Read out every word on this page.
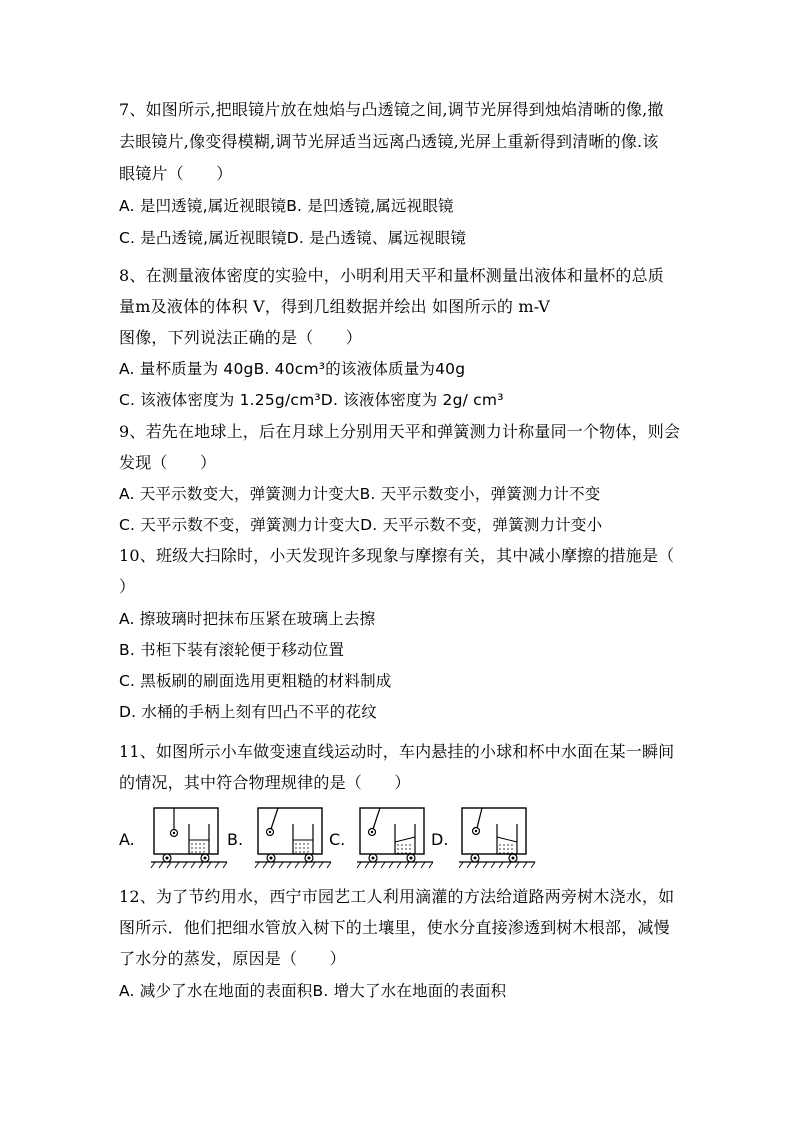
7、如图所示,把眼镜片放在烛焰与凸透镜之间,调节光屏得到烛焰清晰的像,撤
去眼镜片,像变得模糊,调节光屏适当远离凸透镜,光屏上重新得到清晰的像.该
眼镜片（　　）
A. 是凹透镜,属近视眼镜B. 是凹透镜,属远视眼镜
C. 是凸透镜,属近视眼镜D. 是凸透镜、属远视眼镜
8、在测量液体密度的实验中，小明利用天平和量杯测量出液体和量杯的总质
量m及液体的体积 V，得到几组数据并绘出 如图所示的 m-V
图像，下列说法正确的是（　　）
A. 量杯质量为 40gB. 40cm³的该液体质量为40g
C. 该液体密度为 1.25g/cm³D. 该液体密度为 2g/ cm³
9、若先在地球上，后在月球上分别用天平和弹簧测力计称量同一个物体，则会
发现（　　）
A. 天平示数变大，弹簧测力计变大B. 天平示数变小，弹簧测力计不变
C. 天平示数不变，弹簧测力计变大D. 天平示数不变，弹簧测力计变小
10、班级大扫除时，小天发现许多现象与摩擦有关，其中减小摩擦的措施是（
）
A. 擦玻璃时把抹布压紧在玻璃上去擦
B. 书柜下装有滚轮便于移动位置
C. 黑板刷的刷面选用更粗糙的材料制成
D. 水桶的手柄上刻有凹凸不平的花纹
11、如图所示小车做变速直线运动时，车内悬挂的小球和杯中水面在某一瞬间
的情况，其中符合物理规律的是（　　）
A.	B.	C.	D.
12、为了节约用水，西宁市园艺工人利用滴灌的方法给道路两旁树木浇水，如
图所示．他们把细水管放入树下的土壤里，使水分直接渗透到树木根部，减慢
了水分的蒸发，原因是（　　）
A. 减少了水在地面的表面积B. 增大了水在地面的表面积
